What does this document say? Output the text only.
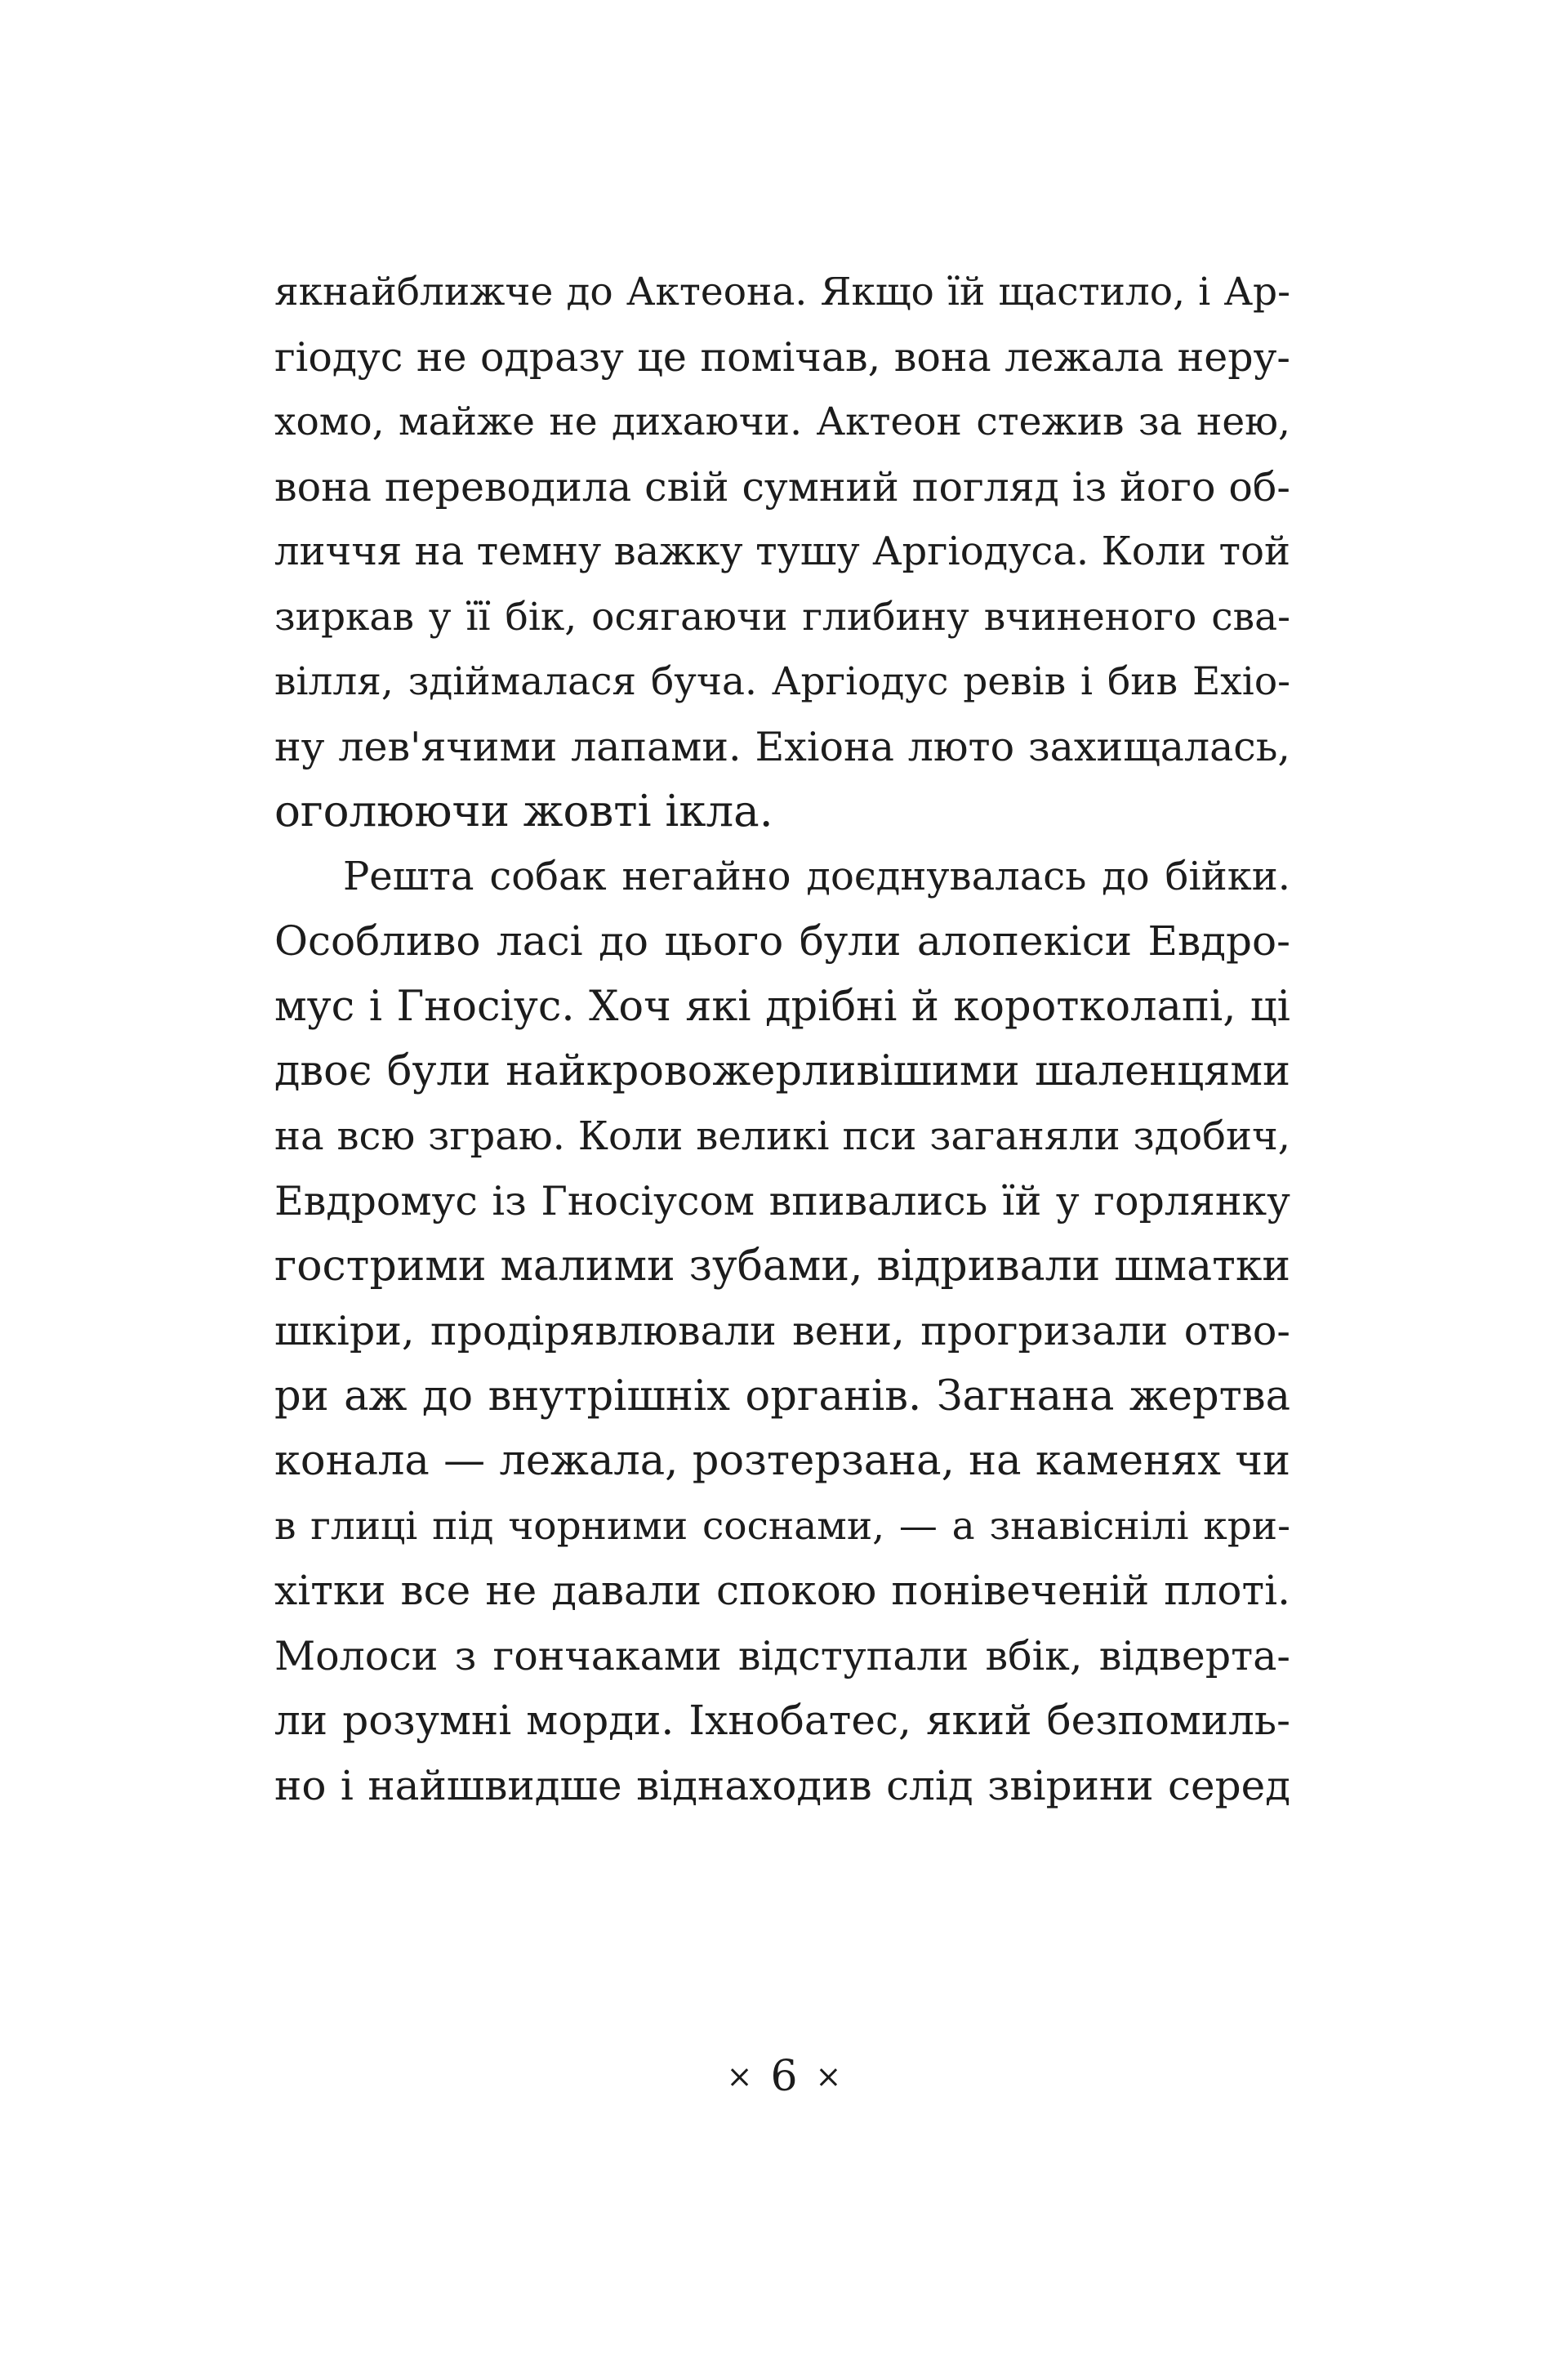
якнайближче до Актеона. Якщо їй щастило, і Ар-
гіодус не одразу це помічав, вона лежала неру-
хомо, майже не дихаючи. Актеон стежив за нею,
вона переводила свій сумний погляд із його об-
личчя на темну важку тушу Аргіодуса. Коли той
зиркав у її бік, осягаючи глибину вчиненого сва-
вілля, здіймалася буча. Аргіодус ревів і бив Ехіо-
ну лев'ячими лапами. Ехіона люто захищалась,
оголюючи жовті ікла.
Решта собак негайно доєднувалась до бійки.
Особливо ласі до цього були алопекіси Евдро-
мус і Гносіус. Хоч які дрібні й коротколапі, ці
двоє були найкровожерливішими шаленцями
на всю зграю. Коли великі пси заганяли здобич,
Евдромус із Гносіусом впивались їй у горлянку
гострими малими зубами, відривали шматки
шкіри, продірявлювали вени, прогризали отво-
ри аж до внутрішніх органів. Загнана жертва
конала — лежала, розтерзана, на каменях чи
в глиці під чорними соснами, — а знавіснілі кри-
хітки все не давали спокою понівеченій плоті.
Молоси з гончаками відступали вбік, відверта-
ли розумні морди. Іхнобатес, який безпомиль-
но і найшвидше віднаходив слід звірини серед
× 6 ×
